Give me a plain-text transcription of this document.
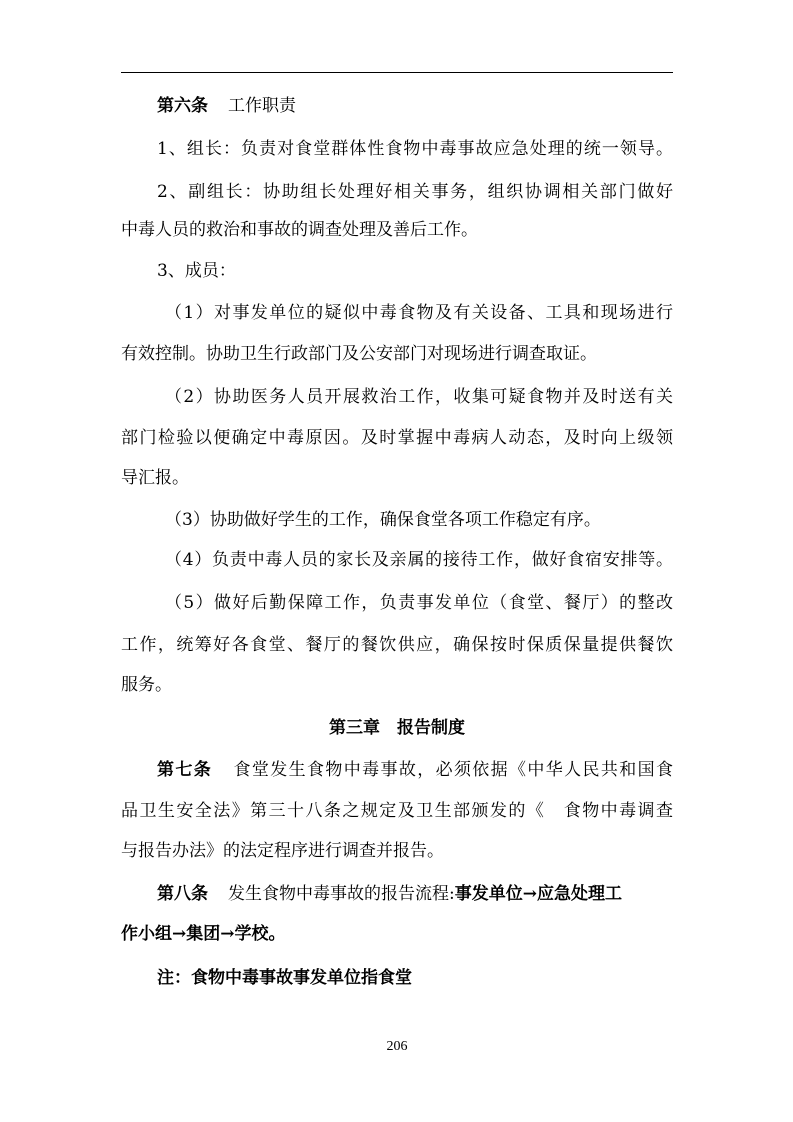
第六条 工作职责
1、组长：负责对食堂群体性食物中毒事故应急处理的统一领导。
2、副组长：协助组长处理好相关事务，组织协调相关部门做好
中毒人员的救治和事故的调查处理及善后工作。
3、成员：
（1）对事发单位的疑似中毒食物及有关设备、工具和现场进行
有效控制。协助卫生行政部门及公安部门对现场进行调查取证。
（2）协助医务人员开展救治工作，收集可疑食物并及时送有关
部门检验以便确定中毒原因。及时掌握中毒病人动态，及时向上级领
导汇报。
（3）协助做好学生的工作，确保食堂各项工作稳定有序。
（4）负责中毒人员的家长及亲属的接待工作，做好食宿安排等。
（5）做好后勤保障工作，负责事发单位（食堂、餐厅）的整改
工作，统筹好各食堂、餐厅的餐饮供应，确保按时保质保量提供餐饮
服务。
第三章　报告制度
第七条 食堂发生食物中毒事故，必须依据《中华人民共和国食
品卫生安全法》第三十八条之规定及卫生部颁发的《　食物中毒调查
与报告办法》的法定程序进行调查并报告。
第八条 发生食物中毒事故的报告流程:事发单位→应急处理工
作小组→集团→学校。
注：食物中毒事故事发单位指食堂
206
